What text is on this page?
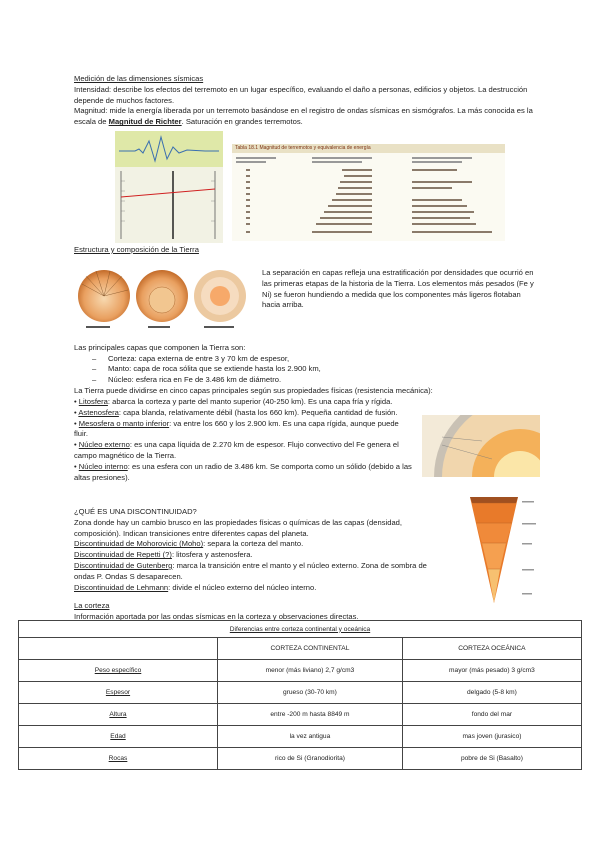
Medición de las dimensiones sísmicas

Intensidad: describe los efectos del terremoto en un lugar específico, evaluando el daño a personas, edificios y objetos. La destrucción depende de muchos factores.

Magnitud: mide la energía liberada por un terremoto basándose en el registro de ondas sísmicas en sismógrafos. La más conocida es la escala de Magnitud de Richter. Saturación en grandes terremotos.

Tabla 18.1 Magnitud de terremotos y equivalencia de energía
Estructura y composición de la Tierra

La separación en capas refleja una estratificación por densidades que ocurrió en las primeras etapas de la historia de la Tierra. Los elementos más pesados (Fe y Ni) se fueron hundiendo a medida que los componentes más ligeros flotaban hacia arriba.

Las principales capas que componen la Tierra son:

– Corteza: capa externa de entre 3 y 70 km de espesor,
– Manto: capa de roca sólita que se extiende hasta los 2.900 km,
– Núcleo: esfera rica en Fe de 3.486 km de diámetro.

La Tierra puede dividirse en cinco capas principales según sus propiedades físicas (resistencia mecánica):

• Litosfera: abarca la corteza y parte del manto superior (40-250 km). Es una capa fría y rígida.

• Astenosfera: capa blanda, relativamente débil (hasta los 660 km). Pequeña cantidad de fusión.

• Mesosfera o manto inferior: va entre los 660 y los 2.900 km. Es una capa rígida, aunque puede fluir.

• Núcleo externo: es una capa líquida de 2.270 km de espesor. Flujo convectivo del Fe genera el campo magnético de la Tierra.

• Núcleo interno: es una esfera con un radio de 3.486 km. Se comporta como un sólido (debido a las altas presiones).

¿QUÉ ES UNA DISCONTINUIDAD?

Zona donde hay un cambio brusco en las propiedades físicas o químicas de las capas (densidad, composición). Indican transiciones entre diferentes capas del planeta.

Discontinuidad de Mohorovicic (Moho): separa la corteza del manto.

Discontinuidad de Repetti (?): litosfera y astenosfera.

Discontinuidad de Gutenberg: marca la transición entre el manto y el núcleo externo. Zona de sombra de ondas P. Ondas S desaparecen.

Discontinuidad de Lehmann: divide el núcleo externo del núcleo interno.

La corteza

Información aportada por las ondas sísmicas en la corteza y observaciones directas.

Diferencias entre corteza continental y oceánica		
	CORTEZA CONTINENTAL	CORTEZA OCEÁNICA
Peso específico	menor (más liviano) 2,7 g/cm3	mayor (más pesado) 3 g/cm3
Espesor	grueso (30-70 km)	delgado (5-8 km)
Altura	entre -200 m hasta 8849 m	fondo del mar
Edad	la vez antigua	mas joven (jurasico)
Rocas	rico de Si (Granodiorita)	pobre de Si (Basalto)
